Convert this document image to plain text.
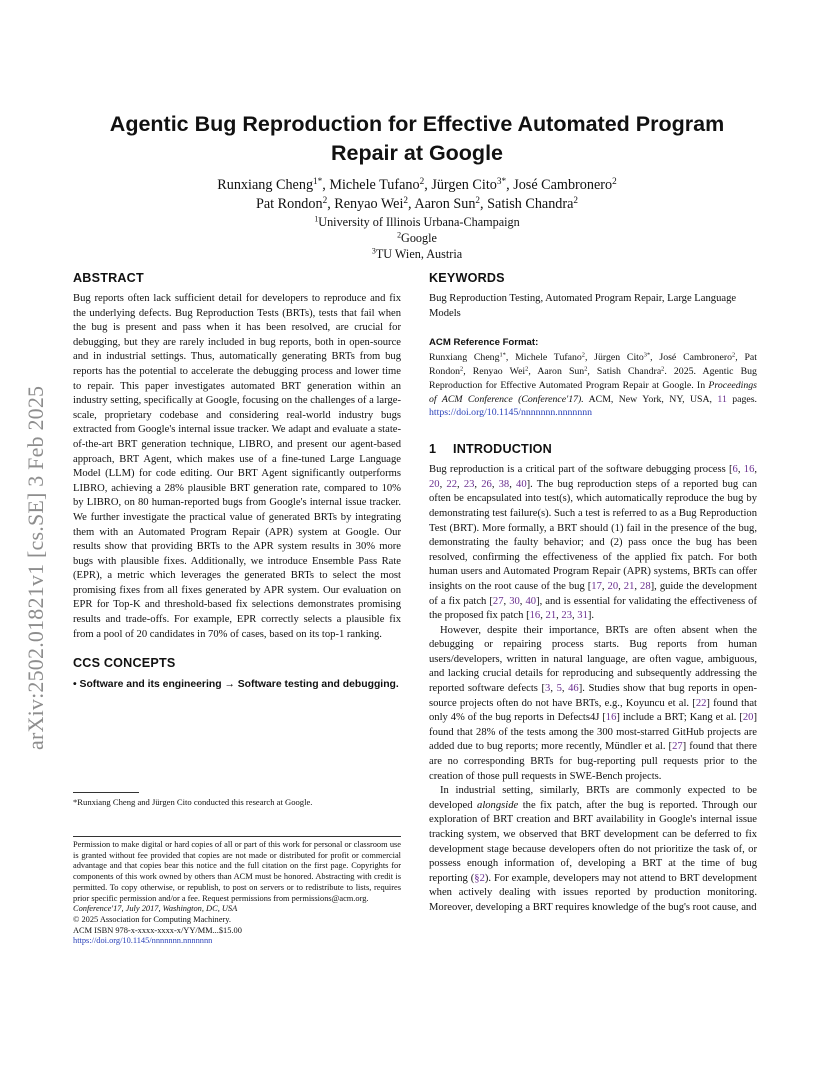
arXiv:2502.01821v1 [cs.SE] 3 Feb 2025
Agentic Bug Reproduction for Effective Automated Program Repair at Google
Runxiang Cheng$^{1*}$, Michele Tufano$^2$, Jürgen Cito$^{3*}$, José Cambronero$^2$
Pat Rondon$^2$, Renyao Wei$^2$, Aaron Sun$^2$, Satish Chandra$^2$
$^1$University of Illinois Urbana-Champaign
$^2$Google
$^3$TU Wien, Austria
ABSTRACT

Bug reports often lack sufficient detail for developers to reproduce and fix the underlying defects. Bug Reproduction Tests (BRTs), tests that fail when the bug is present and pass when it has been resolved, are crucial for debugging, but they are rarely included in bug reports, both in open-source and in industrial settings. Thus, automatically generating BRTs from bug reports has the potential to accelerate the debugging process and lower time to repair. This paper investigates automated BRT generation within an industry setting, specifically at Google, focusing on the challenges of a large-scale, proprietary codebase and considering real-world industry bugs extracted from Google's internal issue tracker. We adapt and evaluate a state-of-the-art BRT generation technique, LIBRO, and present our agent-based approach, BRT Agent, which makes use of a fine-tuned Large Language Model (LLM) for code editing. Our BRT Agent significantly outperforms LIBRO, achieving a 28% plausible BRT generation rate, compared to 10% by LIBRO, on 80 human-reported bugs from Google's internal issue tracker. We further investigate the practical value of generated BRTs by integrating them with an Automated Program Repair (APR) system at Google. Our results show that providing BRTs to the APR system results in 30% more bugs with plausible fixes. Additionally, we introduce Ensemble Pass Rate (EPR), a metric which leverages the generated BRTs to select the most promising fixes from all fixes generated by APR system. Our evaluation on EPR for Top-K and threshold-based fix selections demonstrates promising results and trade-offs. For example, EPR correctly selects a plausible fix from a pool of 20 candidates in 70% of cases, based on its top-1 ranking.

CCS CONCEPTS
• Software and its engineering → Software testing and debugging.
*Runxiang Cheng and Jürgen Cito conducted this research at Google.

Permission to make digital or hard copies of all or part of this work for personal or classroom use is granted without fee provided that copies are not made or distributed for profit or commercial advantage and that copies bear this notice and the full citation on the first page. Copyrights for components of this work owned by others than ACM must be honored. Abstracting with credit is permitted. To copy otherwise, or republish, to post on servers or to redistribute to lists, requires prior specific permission and/or a fee. Request permissions from permissions@acm.org.

Conference'17, July 2017, Washington, DC, USA
© 2025 Association for Computing Machinery.
ACM ISBN 978-x-xxxx-xxxx-x/YY/MM...$15.00
https://doi.org/10.1145/nnnnnnn.nnnnnnn
KEYWORDS

Bug Reproduction Testing, Automated Program Repair, Large Language Models

ACM Reference Format:

Runxiang Cheng$^{1*}$, Michele Tufano$^2$, Jürgen Cito$^{3*}$, José Cambronero$^2$, Pat Rondon$^2$, Renyao Wei$^2$, Aaron Sun$^2$, Satish Chandra$^2$. 2025. Agentic Bug Reproduction for Effective Automated Program Repair at Google. In Proceedings of ACM Conference (Conference'17). ACM, New York, NY, USA, 11 pages. https://doi.org/10.1145/nnnnnnn.nnnnnnn

1 INTRODUCTION

Bug reproduction is a critical part of the software debugging process [6, 16, 20, 22, 23, 26, 38, 40]. The bug reproduction steps of a reported bug can often be encapsulated into test(s), which automatically reproduce the bug by demonstrating test failure(s). Such a test is referred to as a Bug Reproduction Test (BRT). More formally, a BRT should (1) fail in the presence of the bug, demonstrating the faulty behavior; and (2) pass once the bug has been resolved, confirming the effectiveness of the applied fix patch. For both human users and Automated Program Repair (APR) systems, BRTs can offer insights on the root cause of the bug [17, 20, 21, 28], guide the development of a fix patch [27, 30, 40], and is essential for validating the effectiveness of the proposed fix patch [16, 21, 23, 31].

However, despite their importance, BRTs are often absent when the debugging or repairing process starts. Bug reports from human users/developers, written in natural language, are often vague, ambiguous, and lacking crucial details for reproducing and subsequently addressing the reported software defects [3, 5, 46]. Studies show that bug reports in open-source projects often do not have BRTs, e.g., Koyuncu et al. [22] found that only 4% of the bug reports in Defects4J [16] include a BRT; Kang et al. [20] found that 28% of the tests among the 300 most-starred GitHub projects are added due to bug reports; more recently, Mündler et al. [27] found that there are no corresponding BRTs for bug-reporting pull requests prior to the creation of those pull requests in SWE-Bench projects.

In industrial setting, similarly, BRTs are commonly expected to be developed alongside the fix patch, after the bug is reported. Through our exploration of BRT creation and BRT availability in Google's internal issue tracking system, we observed that BRT development can be deferred to fix development stage because developers often do not prioritize the task of, or possess enough information of, developing a BRT at the time of bug reporting (§2). For example, developers may not attend to BRT development when actively dealing with issues reported by production monitoring. Moreover, developing a BRT requires knowledge of the bug's root cause, and
